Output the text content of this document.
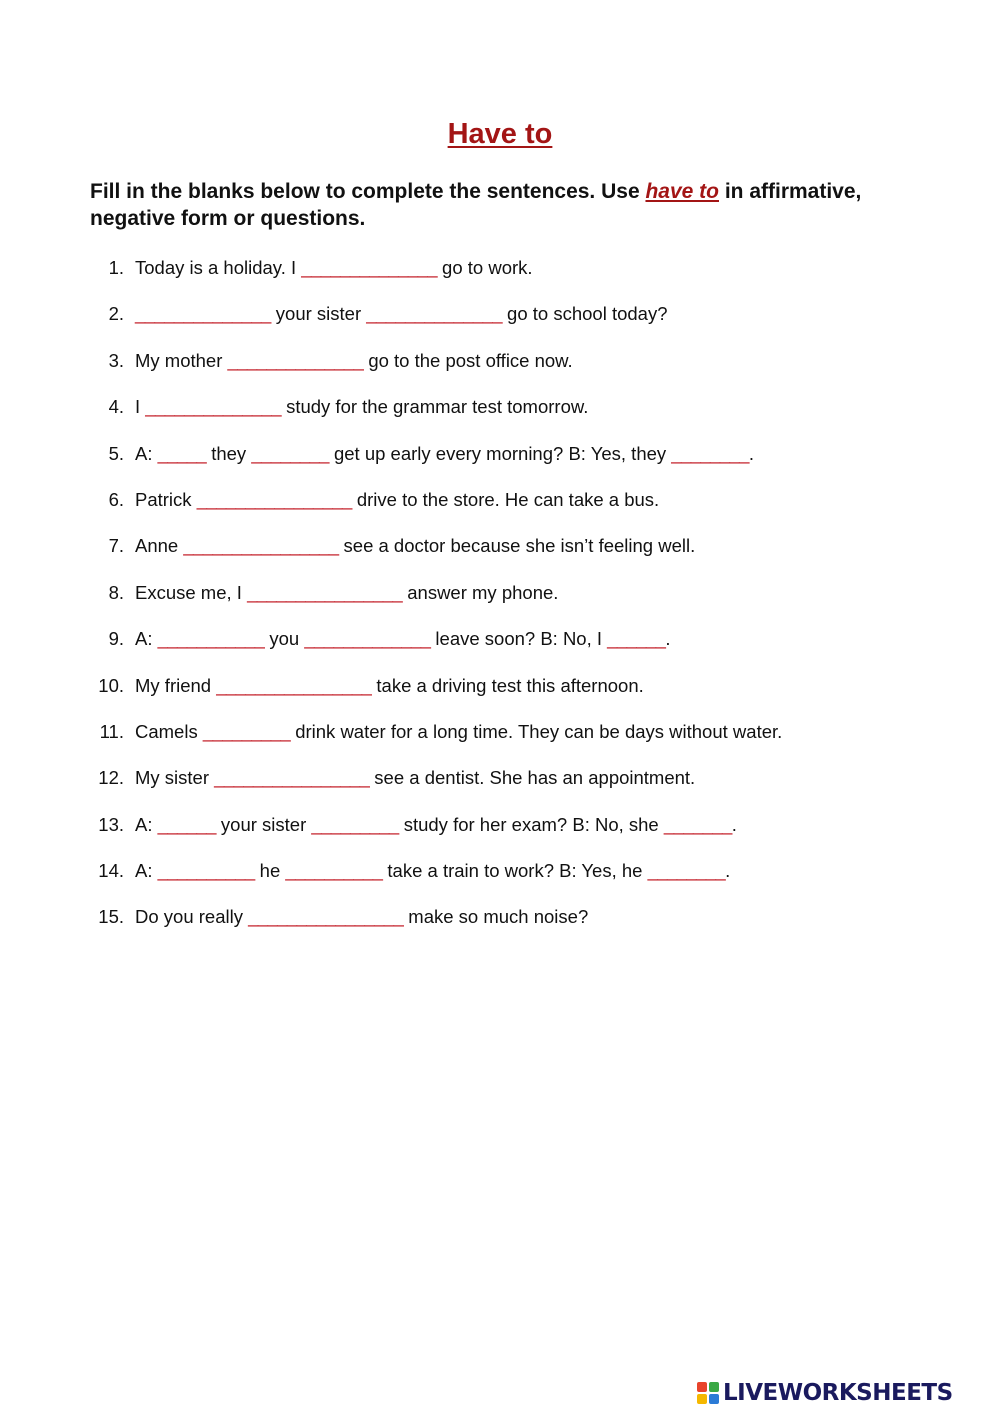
Have to
Fill in the blanks below to complete the sentences. Use have to in affirmative, negative form or questions.
1. Today is a holiday. I ______________ go to work.
2. ______________ your sister ______________ go to school today?
3. My mother ______________ go to the post office now.
4. I ______________ study for the grammar test tomorrow.
5. A: _____ they ________ get up early every morning? B: Yes, they ________.
6. Patrick ________________ drive to the store. He can take a bus.
7. Anne ________________ see a doctor because she isn’t feeling well.
8. Excuse me, I ________________ answer my phone.
9. A: ___________ you _____________ leave soon? B: No, I ______.
10. My friend ________________ take a driving test this afternoon.
11. Camels _________ drink water for a long time. They can be days without water.
12. My sister ________________ see a dentist. She has an appointment.
13. A: ______ your sister _________ study for her exam? B: No, she _______.
14. A: __________ he __________ take a train to work? B: Yes, he ________.
15. Do you really ________________ make so much noise?
LIVEWORKSHEETS
